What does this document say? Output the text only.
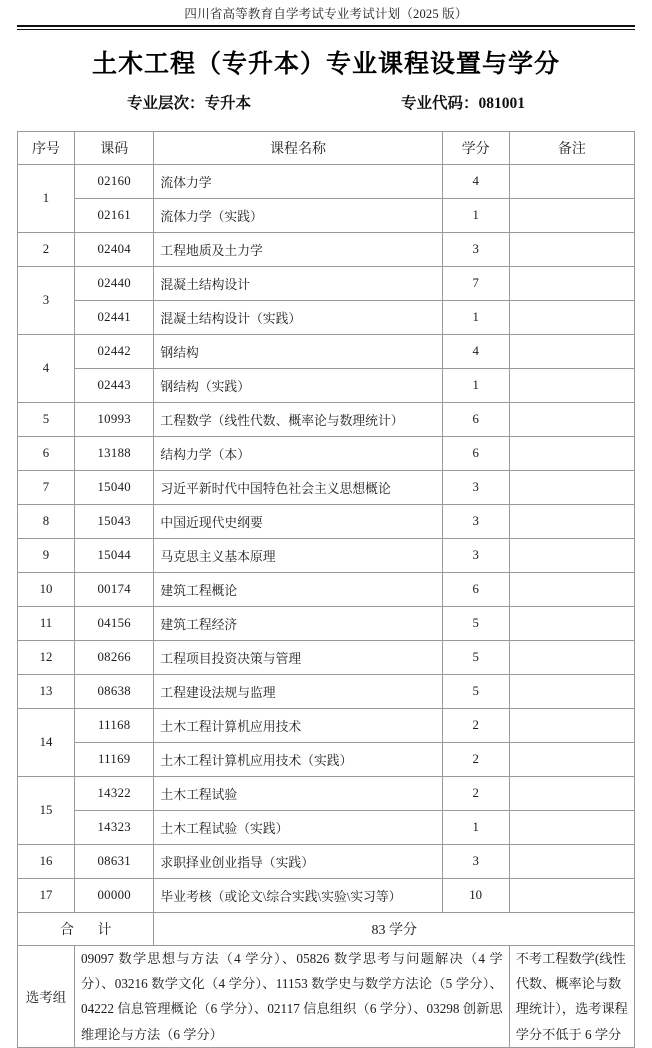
四川省高等教育自学考试专业考试计划（2025 版）
土木工程（专升本）专业课程设置与学分
专业层次：专升本	专业代码：081001
序号	课码	课程名称	学分	备注
1	02160	流体力学	4	
	02161	流体力学（实践）	1	
2	02404	工程地质及土力学	3	
3	02440	混凝土结构设计	7	
	02441	混凝土结构设计（实践）	1	
4	02442	钢结构	4	
	02443	钢结构（实践）	1	
5	10993	工程数学（线性代数、概率论与数理统计）	6	
6	13188	结构力学（本）	6	
7	15040	习近平新时代中国特色社会主义思想概论	3	
8	15043	中国近现代史纲要	3	
9	15044	马克思主义基本原理	3	
10	00174	建筑工程概论	6	
11	04156	建筑工程经济	5	
12	08266	工程项目投资决策与管理	5	
13	08638	工程建设法规与监理	5	
14	11168	土木工程计算机应用技术	2	
	11169	土木工程计算机应用技术（实践）	2	
15	14322	土木工程试验	2	
	14323	土木工程试验（实践）	1	
16	08631	求职择业创业指导（实践）	3	
17	00000	毕业考核（或论文\综合实践\实验\实习等）	10	
合 计		83 学分		
选考组	09097 数学思想与方法（4 学分）、05826 数学思考与问题解决（4 学分）、03216 数学文化（4 学分）、11153 数学史与数学方法论（5 学分）、04222 信息管理概论（6 学分）、02117 信息组织（6 学分）、03298 创新思维理论与方法（6 学分）			不考工程数学(线性代数、概率论与数理统计），选考课程学分不低于 6 学分
